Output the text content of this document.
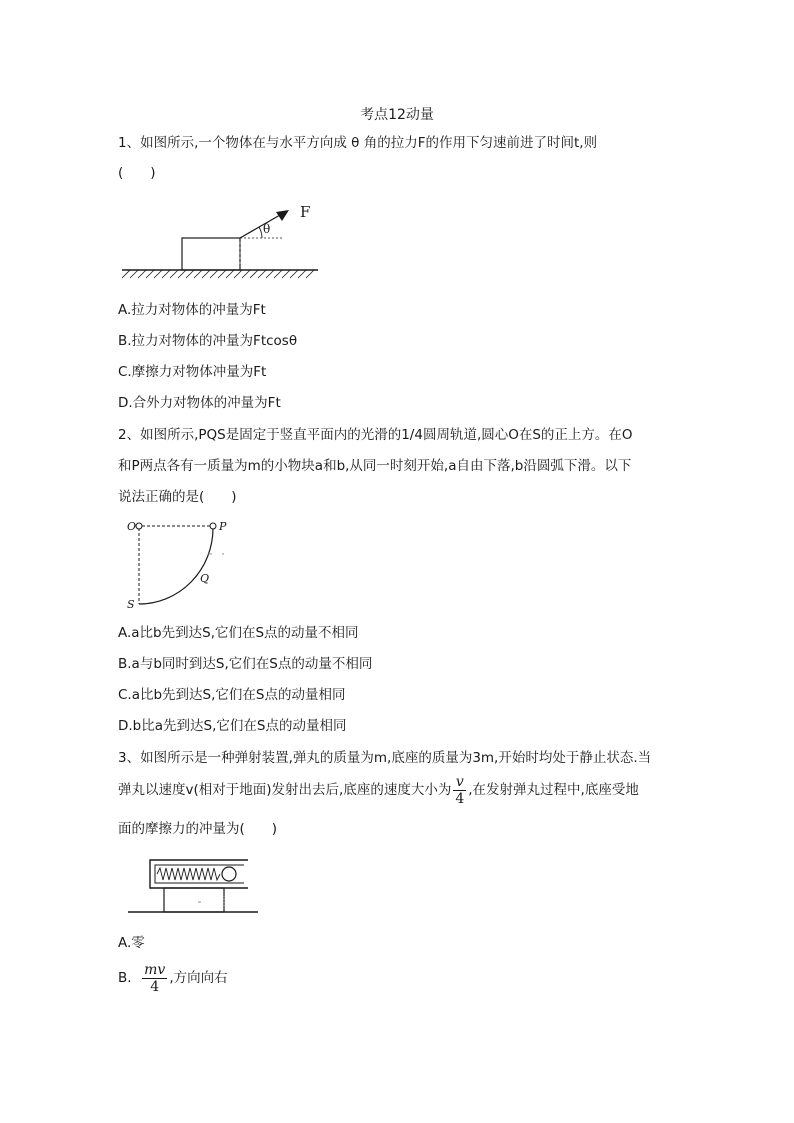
考点12动量
1、如图所示,一个物体在与水平方向成 θ 角的拉力F的作用下匀速前进了时间t,则
(　　)
F
θ
A.拉力对物体的冲量为Ft
B.拉力对物体的冲量为Ftcosθ
C.摩擦力对物体冲量为Ft
D.合外力对物体的冲量为Ft
2、如图所示,PQS是固定于竖直平面内的光滑的1/4圆周轨道,圆心O在S的正上方。在O
和P两点各有一质量为m的小物块a和b,从同一时刻开始,a自由下落,b沿圆弧下滑。以下
说法正确的是(　　)
O	P
Q
S
A.a比b先到达S,它们在S点的动量不相同
B.a与b同时到达S,它们在S点的动量不相同
C.a比b先到达S,它们在S点的动量相同
D.b比a先到达S,它们在S点的动量相同
3、如图所示是一种弹射装置,弹丸的质量为m,底座的质量为3m,开始时均处于静止状态.当
弹丸以速度v(相对于地面)发射出去后,底座的速度大小为 $\frac{v}{4}$ ,在发射弹丸过程中,底座受地
面的摩擦力的冲量为(　　)
A.零
B. $\frac{mv}{4}$ ,方向向右
